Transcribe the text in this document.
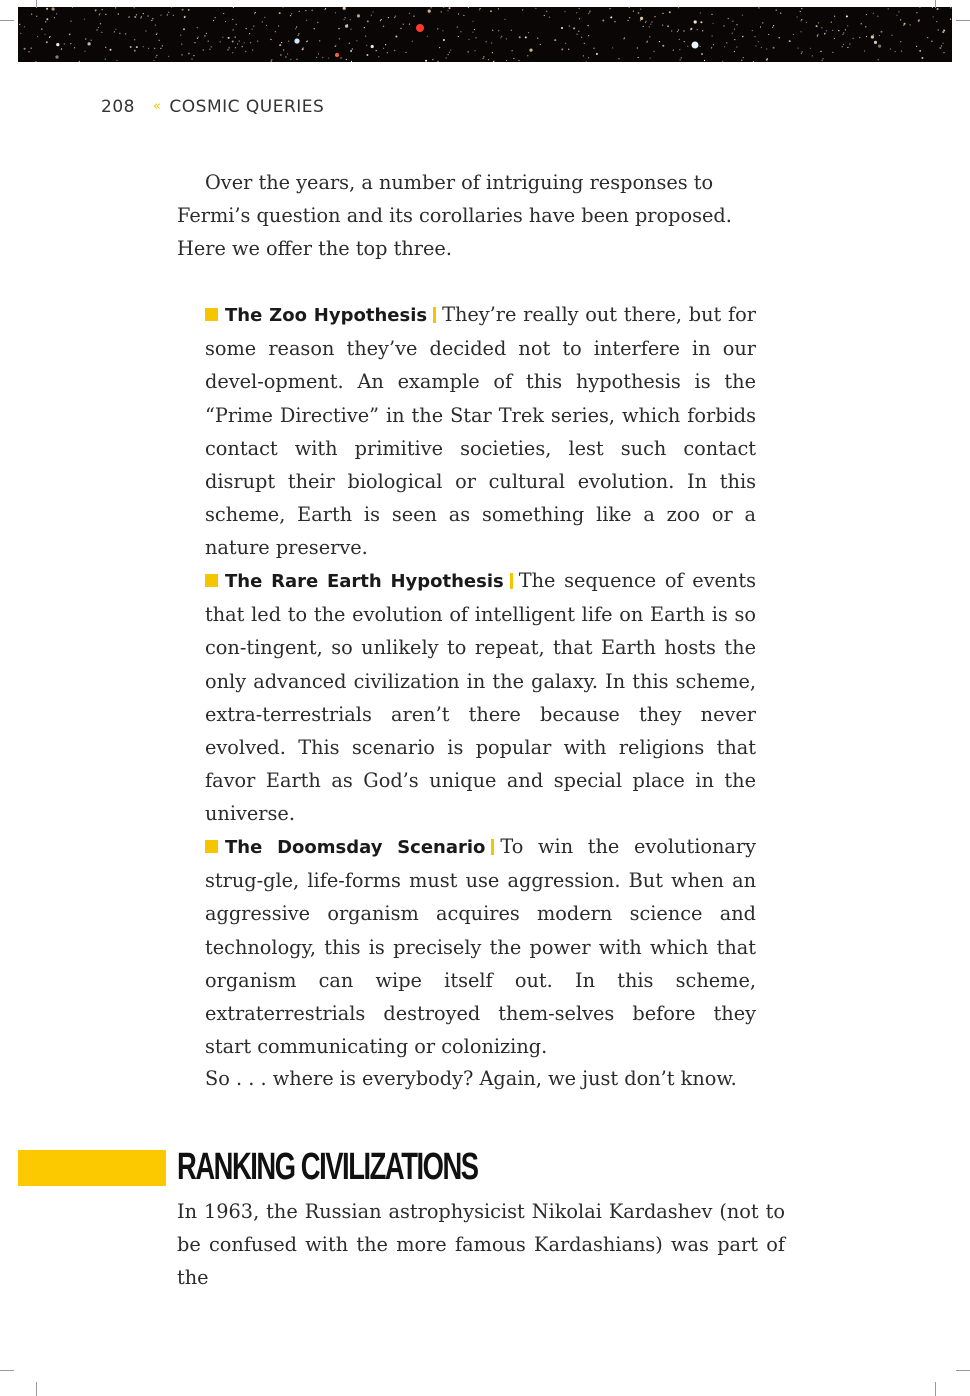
208 « COSMIC QUERIES

Over the years, a number of intriguing responses to Fermi’s question and its corollaries have been proposed. Here we offer the top three.

The Zoo Hypothesis They’re really out there, but for some reason they’ve decided not to interfere in our devel-opment. An example of this hypothesis is the “Prime Directive” in the Star Trek series, which forbids contact with primitive societies, lest such contact disrupt their biological or cultural evolution. In this scheme, Earth is seen as something like a zoo or a nature preserve.

The Rare Earth Hypothesis The sequence of events that led to the evolution of intelligent life on Earth is so con-tingent, so unlikely to repeat, that Earth hosts the only advanced civilization in the galaxy. In this scheme, extra-terrestrials aren’t there because they never evolved. This scenario is popular with religions that favor Earth as God’s unique and special place in the universe.

The Doomsday Scenario To win the evolutionary strug-gle, life-forms must use aggression. But when an aggressive organism acquires modern science and technology, this is precisely the power with which that organism can wipe itself out. In this scheme, extraterrestrials destroyed them-selves before they start communicating or colonizing.

So . . . where is everybody? Again, we just don’t know.

RANKING CIVILIZATIONS

In 1963, the Russian astrophysicist Nikolai Kardashev (not to be confused with the more famous Kardashians) was part of the
